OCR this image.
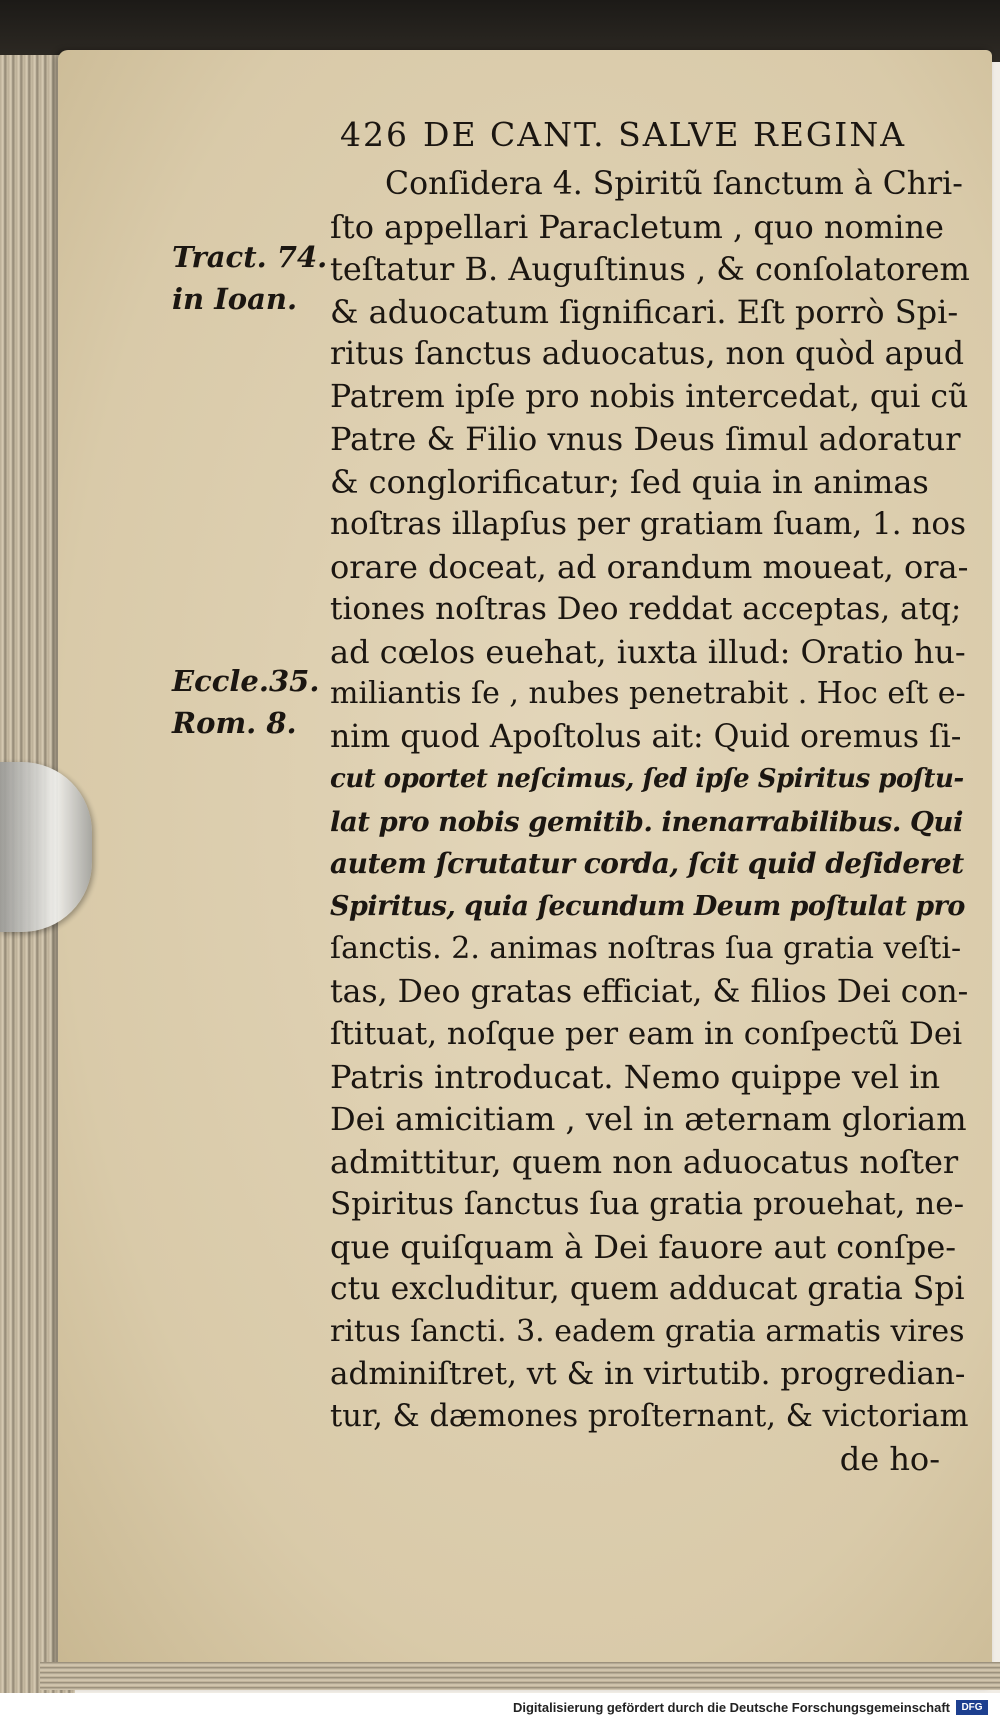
426 DE CANT. SALVE REGINA
Tract. 74.
in Ioan.
Eccle.35.
Rom. 8.
Conſidera 4. Spiritũ ſanctum à Chri-
ſto appellari Paracletum , quo nomine
teſtatur B. Auguſtinus , & conſolatorem
& aduocatum ſignificari. Eſt porrò Spi-
ritus ſanctus aduocatus, non quòd apud
Patrem ipſe pro nobis intercedat, qui cũ
Patre & Filio vnus Deus ſimul adoratur
& conglorificatur; ſed quia in animas
noſtras illapſus per gratiam ſuam, 1. nos
orare doceat, ad orandum moueat, ora-
tiones noſtras Deo reddat acceptas, atq;
ad cœlos euehat, iuxta illud: Oratio hu-
miliantis ſe , nubes penetrabit . Hoc eſt e-
nim quod Apoſtolus ait: Quid oremus ſi-
cut oportet neſcimus, ſed ipſe Spiritus poſtu-
lat pro nobis gemitib. inenarrabilibus. Qui
autem ſcrutatur corda, ſcit quid deſideret
Spiritus, quia ſecundum Deum poſtulat pro
ſanctis. 2. animas noſtras ſua gratia veſti-
tas, Deo gratas efficiat, & filios Dei con-
ſtituat, noſque per eam in conſpectũ Dei
Patris introducat. Nemo quippe vel in
Dei amicitiam , vel in æternam gloriam
admittitur, quem non aduocatus noſter
Spiritus ſanctus ſua gratia prouehat, ne-
que quiſquam à Dei fauore aut conſpe-
ctu excluditur, quem adducat gratia Spi
ritus ſancti. 3. eadem gratia armatis vires
adminiſtret, vt & in virtutib. progredian-
tur, & dæmones proſternant, & victoriam
de ho-
Digitalisierung gefördert durch die Deutsche Forschungsgemeinschaft	DFG
